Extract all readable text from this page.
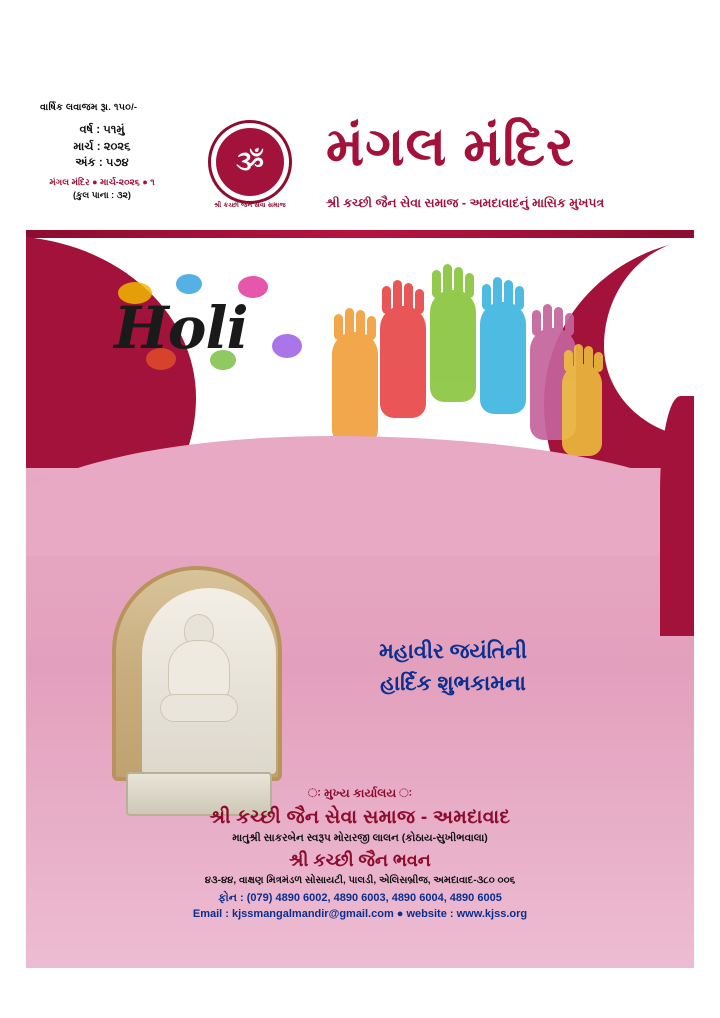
વાર્ષિક લવાજમ રૂા. ૧૫૦/-
વર્ષ : ૫૧મું
માર્ચ : ૨૦૨૬
અંક : ૫૭૪
મંગલ મંદિર ● માર્ચ-૨૦૨૬ ● ૧
(કુલ પાના : ૩૨)
ૐ
શ્રી કચ્છી જૈન સેવા સમાજ
મંગલ મંદિર
શ્રી કચ્છી જૈન સેવા સમાજ - અમદાવાદનું માસિક મુખપત્ર
Holi
મહાવીર જયંતિની
હાર્દિક શુભકામના
ઃ મુખ્ય કાર્યાલય ઃ
શ્રી કચ્છી જૈન સેવા સમાજ - અમદાવાદ
માતુશ્રી સાકરબેન સ્વરૂપ મોરારજી લાલન (કોઠાય-સુખીભવાલા)
શ્રી કચ્છી જૈન ભવન
૪૩-૪૪, વાક્ષણ મિત્રમંડળ સોસાયટી, પાલડી, એલિસબ્રીજ, અમદાવાદ-૩૮૦ ૦૦૬
ફોન : (079) 4890 6002, 4890 6003, 4890 6004, 4890 6005
Email : kjssmangalmandir@gmail.com ● website : www.kjss.org
